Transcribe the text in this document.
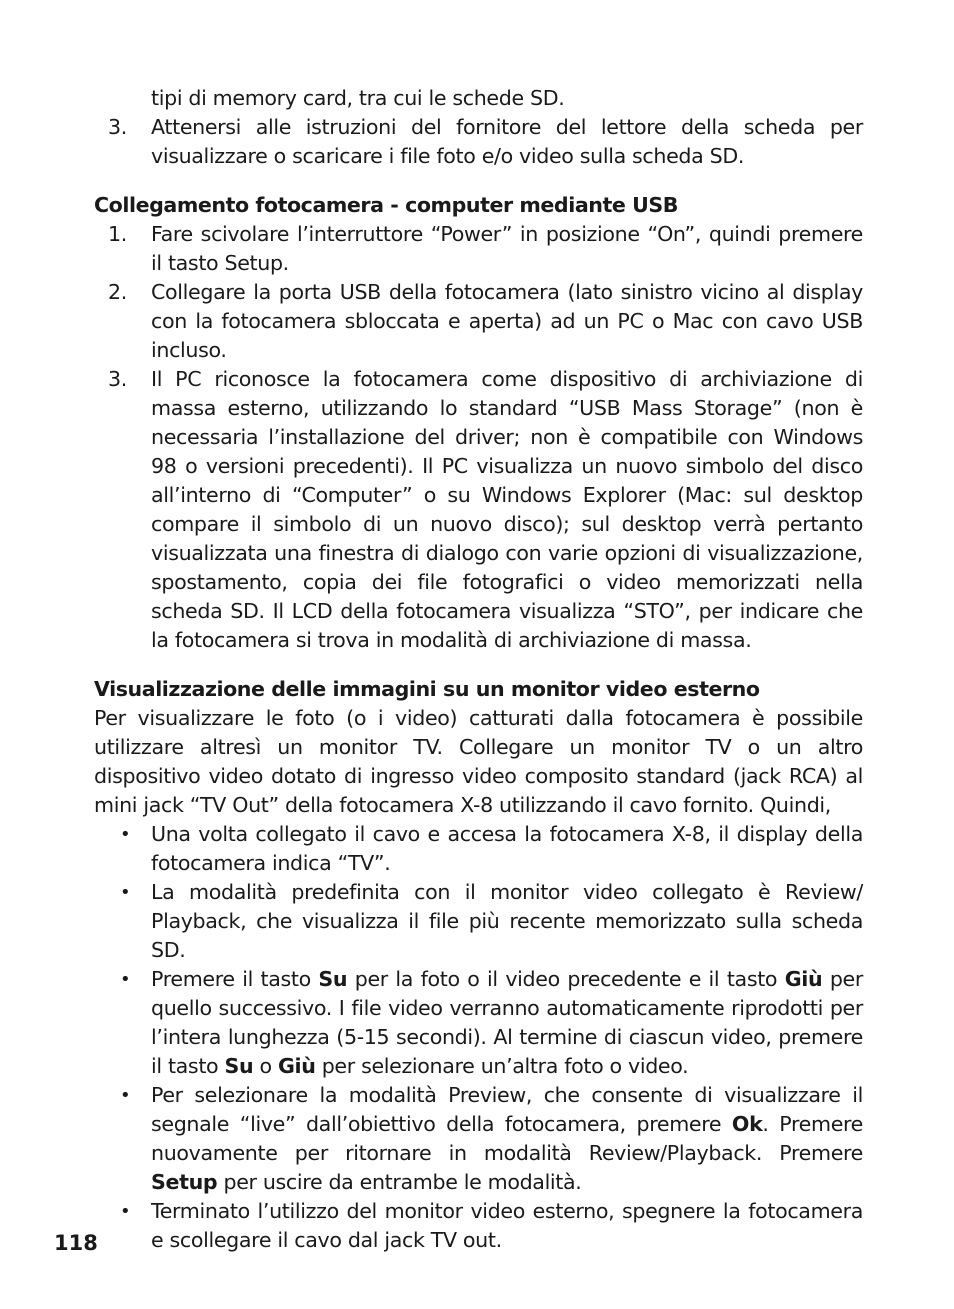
tipi di memory card, tra cui le schede SD.
3.	Attenersi alle istruzioni del fornitore del lettore della scheda per visualizzare o scaricare i file foto e/o video sulla scheda SD.
Collegamento fotocamera - computer mediante USB
1.	Fare scivolare l’interruttore “Power” in posizione “On”, quindi premere il tasto Setup.
2.	Collegare la porta USB della fotocamera (lato sinistro vicino al display con la fotocamera sbloccata e aperta) ad un PC o Mac con cavo USB incluso.
3.	Il PC riconosce la fotocamera come dispositivo di archiviazione di massa esterno, utilizzando lo standard “USB Mass Storage” (non è necessaria l’installazione del driver; non è compatibile con Windows 98 o versioni precedenti). Il PC visualizza un nuovo simbolo del disco all’interno di “Computer” o su Windows Explorer (Mac: sul desktop compare il simbolo di un nuovo disco); sul desktop verrà pertanto visualizzata una finestra di dialogo con varie opzioni di visualizzazione, spostamento, copia dei file fotografici o video memorizzati nella scheda SD. Il LCD della fotocamera visualizza “STO”, per indicare che la fotocamera si trova in modalità di archiviazione di massa.
Visualizzazione delle immagini su un monitor video esterno
Per visualizzare le foto (o i video) catturati dalla fotocamera è possibile utilizzare altresì un monitor TV. Collegare un monitor TV o un altro dispositivo video dotato di ingresso video composito standard (jack RCA) al mini jack “TV Out” della fotocamera X-8 utilizzando il cavo fornito. Quindi,
•	Una volta collegato il cavo e accesa la fotocamera X-8, il display della fotocamera indica “TV”.
•	La modalità predefinita con il monitor video collegato è Review/ Playback, che visualizza il file più recente memorizzato sulla scheda SD.
•	Premere il tasto Su per la foto o il video precedente e il tasto Giù per quello successivo. I file video verranno automaticamente riprodotti per l’intera lunghezza (5-15 secondi). Al termine di ciascun video, premere il tasto Su o Giù per selezionare un’altra foto o video.
•	Per selezionare la modalità Preview, che consente di visualizzare il segnale “live” dall’obiettivo della fotocamera, premere Ok. Premere nuovamente per ritornare in modalità Review/Playback. Premere Setup per uscire da entrambe le modalità.
•	Terminato l’utilizzo del monitor video esterno, spegnere la fotocamera e scollegare il cavo dal jack TV out.
118
